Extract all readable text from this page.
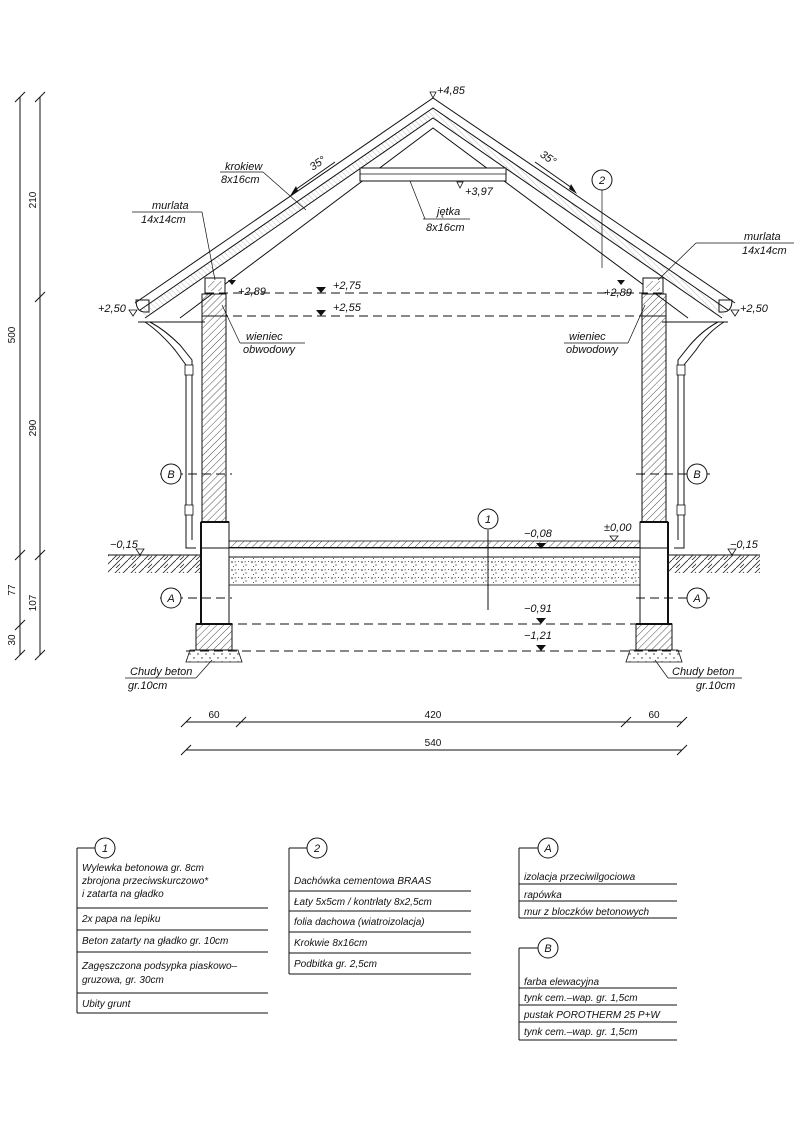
500
210
290
77
107
30
+4,85
+3,97
+2,89	+2,89
+2,75
+2,55
+2,50	+2,50
±0,00
−0,08
−0,15	−0,15
−0,91
−1,21
35°	35°
krokiew
8x16cm
jętka
8x16cm
murlata
14x14cm
murlata
14x14cm
wieniec
obwodowy
wieniec
obwodowy
Chudy beton
gr.10cm
Chudy beton
gr.10cm
2
1
B	B
A	A
60	420	60
540
1
Wylewka betonowa gr. 8cm
zbrojona przeciwskurczowo*
i zatarta na gładko
2x papa na lepiku
Beton zatarty na gładko gr. 10cm
Zagęszczona podsypka piaskowo–
gruzowa, gr. 30cm
Ubity grunt
2
Dachówka cementowa BRAAS
Łaty 5x5cm / kontrłaty 8x2,5cm
folia dachowa (wiatroizolacja)
Krokwie 8x16cm
Podbitka gr. 2,5cm
A
izolacja przeciwilgociowa
rapówka
mur z bloczków betonowych
B
farba elewacyjna
tynk cem.–wap. gr. 1,5cm
pustak POROTHERM 25 P+W
tynk cem.–wap. gr. 1,5cm
